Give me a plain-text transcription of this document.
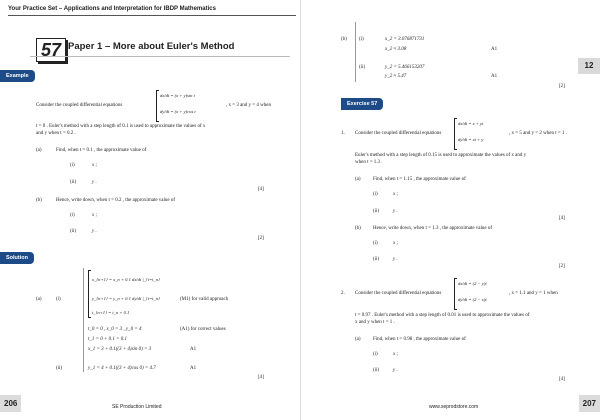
Your Practice Set – Applications and Interpretation for IBDP Mathematics
57 Paper 1 – More about Euler's Method
Example
Consider the coupled differential equations
dx/dt = (x + y)sin t
dy/dt = (x + y)cos t
, x = 3 and y = 4 when
t = 0 . Euler's method with a step length of 0.1 is used to approximate the values of x
and y when t = 0.2 .
(a)	Find, when t = 0.1 , the approximate value of
(i)	x ;
(ii)	y .
[4]
(b)	Hence, write down, when t = 0.2 , the approximate value of
(i)	x ;
(ii)	y .
[2]
Solution
(a)	(i)
x_{n+1} = x_n + 0.1 dx/dt |_{t=t_n}
y_{n+1} = y_n + 0.1 dy/dt |_{t=t_n}	(M1) for valid approach
t_{n+1} = t_n + 0.1
t_0 = 0 , x_0 = 3 , y_0 = 4	(A1) for correct values
t_1 = 0 + 0.1 = 0.1
x_1 = 3 + 0.1((3 + 4)sin 0) = 3	A1
(ii)	y_1 = 4 + 0.1((3 + 4)cos 0) = 4.7	A1
[4]
206	SE Production Limited
12
(b) (i)	x_2 = 3.076871731
x_2 ≈ 3.08	A1
(ii)	y_2 = 5.466153207
y_2 ≈ 5.47	A1
[2]
Exercise 57
1. Consider the coupled differential equations
dx/dt = x + yt
dy/dt = xt + y
, x = 5 and y = 2 when t = 1 .
Euler's method with a step length of 0.15 is used to approximate the values of x and y
when t = 1.3 .
(a) Find, when t = 1.15 , the approximate value of
(i)	x ;
(ii)	y .
[4]
(b) Hence, write down, when t = 1.3 , the approximate value of
(i)	x ;
(ii)	y .
[2]
2. Consider the coupled differential equations
dx/dt = (2 − y)t
dy/dt = (2 − x)t
, x = 1.1 and y = 1 when
t = 0.97 . Euler's method with a step length of 0.01 is used to approximate the values of
x and y when t = 1 .
(a) Find, when t = 0.98 , the approximate value of
(i)	x ;
(ii)	y .
[4]
www.seprodstore.com	207
